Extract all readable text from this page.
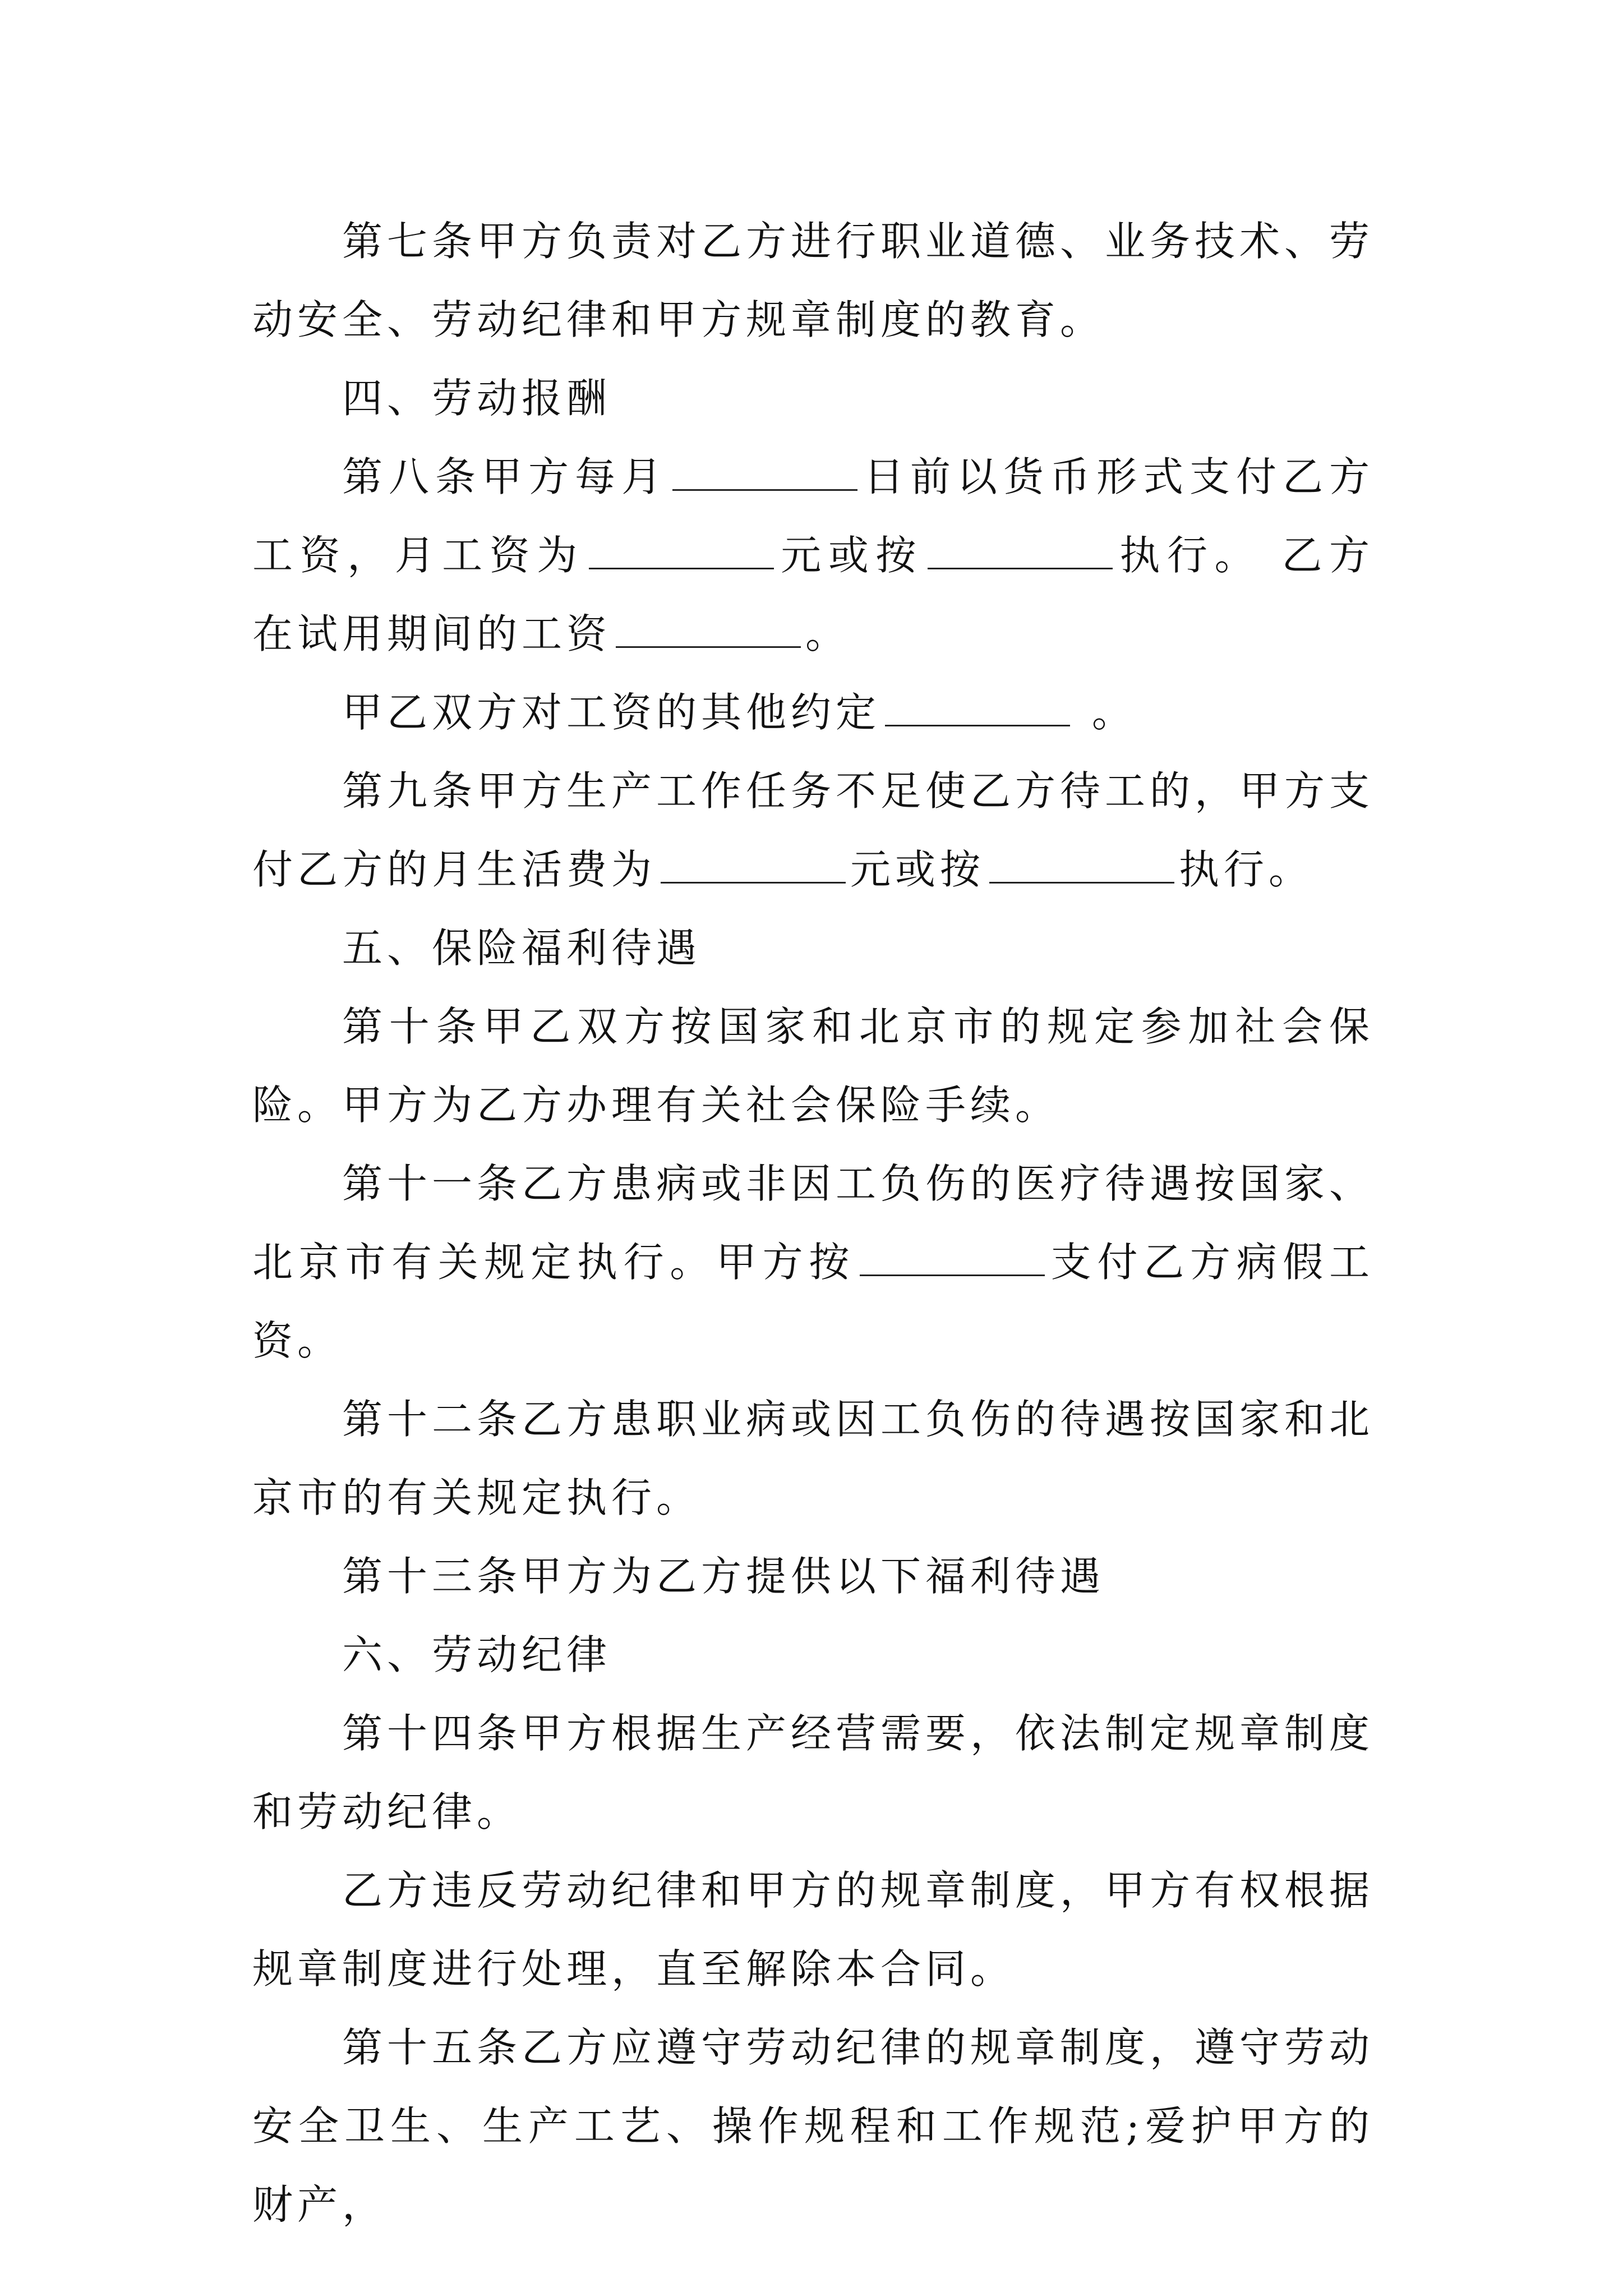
第七条甲方负责对乙方进行职业道德、业务技术、劳动安全、劳动纪律和甲方规章制度的教育。

四、劳动报酬

第八条甲方每月	日前以货币形式支付乙方工资，月工资为	元或按	执行。 乙方在试用期间的工资	。

甲乙双方对工资的其他约定	。

第九条甲方生产工作任务不足使乙方待工的，甲方支付乙方的月生活费为	元或按	执行。

五、保险福利待遇

第十条甲乙双方按国家和北京市的规定参加社会保险。甲方为乙方办理有关社会保险手续。

第十一条乙方患病或非因工负伤的医疗待遇按国家、北京市有关规定执行。甲方按	支付乙方病假工资。

第十二条乙方患职业病或因工负伤的待遇按国家和北京市的有关规定执行。

第十三条甲方为乙方提供以下福利待遇

六、劳动纪律

第十四条甲方根据生产经营需要，依法制定规章制度和劳动纪律。

乙方违反劳动纪律和甲方的规章制度，甲方有权根据规章制度进行处理，直至解除本合同。

第十五条乙方应遵守劳动纪律的规章制度，遵守劳动安全卫生、生产工艺、操作规程和工作规范;爱护甲方的财产，
